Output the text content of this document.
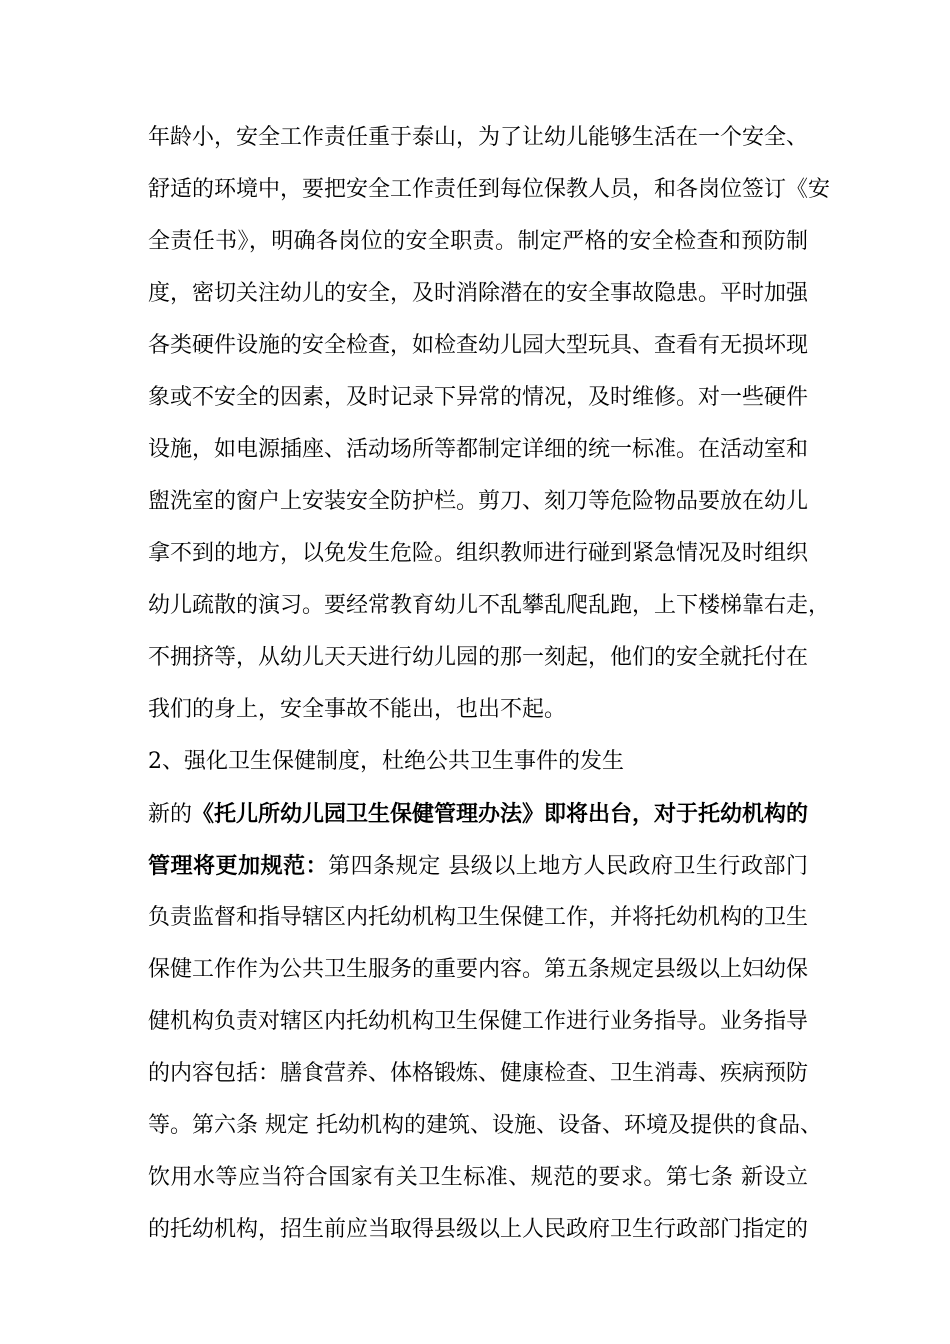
年龄小，安全工作责任重于泰山，为了让幼儿能够生活在一个安全、
舒适的环境中，要把安全工作责任到每位保教人员，和各岗位签订《安
全责任书》，明确各岗位的安全职责。制定严格的安全检查和预防制
度，密切关注幼儿的安全，及时消除潜在的安全事故隐患。平时加强
各类硬件设施的安全检查，如检查幼儿园大型玩具、查看有无损坏现
象或不安全的因素，及时记录下异常的情况，及时维修。对一些硬件
设施，如电源插座、活动场所等都制定详细的统一标准。在活动室和
盥洗室的窗户上安装安全防护栏。剪刀、刻刀等危险物品要放在幼儿
拿不到的地方，以免发生危险。组织教师进行碰到紧急情况及时组织
幼儿疏散的演习。要经常教育幼儿不乱攀乱爬乱跑，上下楼梯靠右走，
不拥挤等，从幼儿天天进行幼儿园的那一刻起，他们的安全就托付在
我们的身上，安全事故不能出，也出不起。
2、强化卫生保健制度，杜绝公共卫生事件的发生
新的《托儿所幼儿园卫生保健管理办法》即将出台，对于托幼机构的
管理将更加规范：第四条规定 县级以上地方人民政府卫生行政部门
负责监督和指导辖区内托幼机构卫生保健工作，并将托幼机构的卫生
保健工作作为公共卫生服务的重要内容。第五条规定县级以上妇幼保
健机构负责对辖区内托幼机构卫生保健工作进行业务指导。业务指导
的内容包括：膳食营养、体格锻炼、健康检查、卫生消毒、疾病预防
等。第六条 规定 托幼机构的建筑、设施、设备、环境及提供的食品、
饮用水等应当符合国家有关卫生标准、规范的要求。第七条 新设立
的托幼机构，招生前应当取得县级以上人民政府卫生行政部门指定的
